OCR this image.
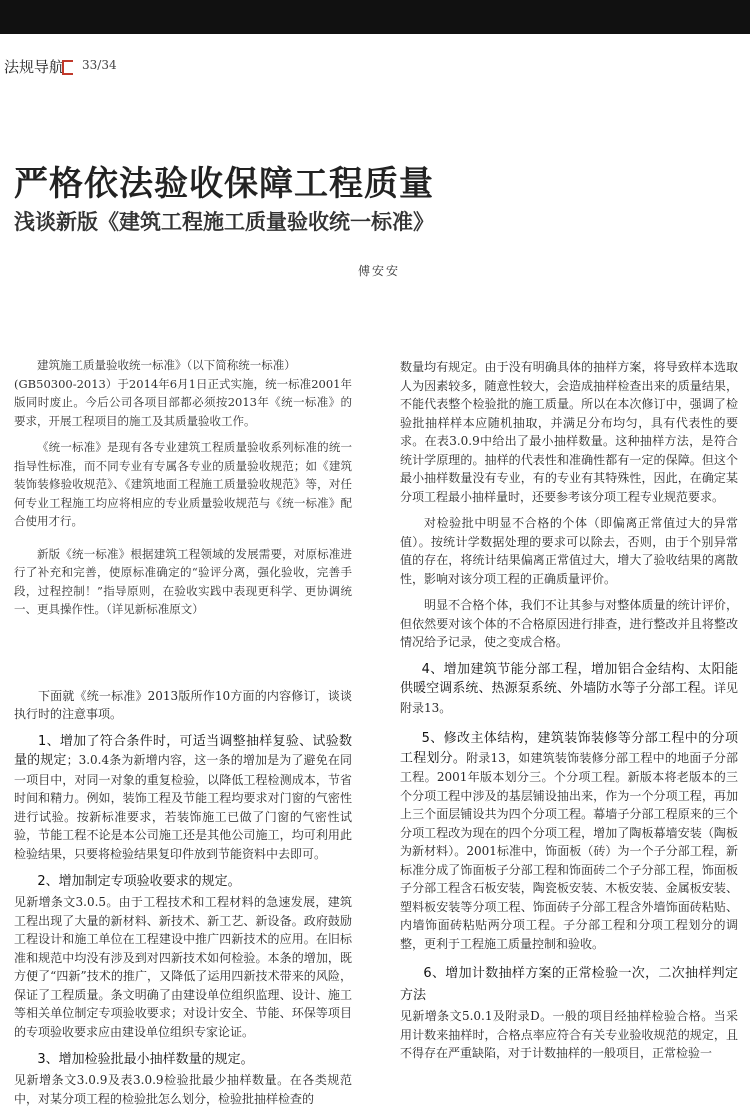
法规导航 33/34
严格依法验收保障工程质量
浅谈新版《建筑工程施工质量验收统一标准》
傅安安

建筑施工质量验收统一标准》（以下简称统一标准）
(GB50300-2013）于2014年6月1日正式实施，统一标准2001年版同时废止。今后公司各项目部都必须按2013年《统一标准》的要求，开展工程项目的施工及其质量验收工作。

《统一标准》是现有各专业建筑工程质量验收系列标准的统一指导性标准，而不同专业有专属各专业的质量验收规范；如《建筑装饰装修验收规范》、《建筑地面工程施工质量验收规范》等，对任何专业工程施工均应将相应的专业质量验收规范与《统一标准》配合使用才行。

新版《统一标准》根据建筑工程领域的发展需要，对原标准进行了补充和完善，使原标准确定的“验评分离，强化验收，完善手段，过程控制！”指导原则，在验收实践中表现更科学、更协调统一、更具操作性。（详见新标准原文）

下面就《统一标准》2013版所作10方面的内容修订，谈谈执行时的注意事项。

1、增加了符合条件时，可适当调整抽样复验、试验数量的规定；3.0.4条为新增内容，这一条的增加是为了避免在同一项目中，对同一对象的重复检验，以降低工程检测成本，节省时间和精力。例如，装饰工程及节能工程均要求对门窗的气密性进行试验。按新标准要求，若装饰施工已做了门窗的气密性试验，节能工程不论是本公司施工还是其他公司施工，均可利用此检验结果，只要将检验结果复印件放到节能资料中去即可。

2、增加制定专项验收要求的规定。

见新增条文3.0.5。由于工程技术和工程材料的急速发展，建筑工程出现了大量的新材料、新技术、新工艺、新设备。政府鼓励工程设计和施工单位在工程建设中推广四新技术的应用。在旧标准和规范中均没有涉及到对四新技术如何检验。本条的增加，既方便了“四新”技术的推广，又降低了运用四新技术带来的风险，保证了工程质量。条文明确了由建设单位组织监理、设计、施工等相关单位制定专项验收要求；对设计安全、节能、环保等项目的专项验收要求应由建设单位组织专家论证。

3、增加检验批最小抽样数量的规定。

见新增条文3.0.9及表3.0.9检验批最少抽样数量。在各类规范中，对某分项工程的检验批怎么划分，检验批抽样检查的

数量均有规定。由于没有明确具体的抽样方案，将导致样本选取人为因素较多，随意性较大，会造成抽样检查出来的质量结果，不能代表整个检验批的施工质量。所以在本次修订中，强调了检验批抽样样本应随机抽取，并满足分布均匀，具有代表性的要求。在表3.0.9中给出了最小抽样数量。这种抽样方法，是符合统计学原理的。抽样的代表性和准确性都有一定的保障。但这个最小抽样数量没有专业，有的专业有其特殊性，因此，在确定某分项工程最小抽样量时，还要参考该分项工程专业规范要求。

对检验批中明显不合格的个体（即偏离正常值过大的异常值）。按统计学数据处理的要求可以除去，否则，由于个别异常值的存在，将统计结果偏离正常值过大，增大了验收结果的离散性，影响对该分项工程的正确质量评价。

明显不合格个体，我们不让其参与对整体质量的统计评价，但依然要对该个体的不合格原因进行排查，进行整改并且将整改情况给予记录，使之变成合格。

4、增加建筑节能分部工程，增加铝合金结构、太阳能供暖空调系统、热源泵系统、外墙防水等子分部工程。详见附录13。

5、修改主体结构，建筑装饰装修等分部工程中的分项工程划分。附录13，如建筑装饰装修分部工程中的地面子分部工程。2001年版本划分三。个分项工程。新版本将老版本的三个分项工程中涉及的基层铺设抽出来，作为一个分项工程，再加上三个面层铺设共为四个分项工程。幕墙子分部工程原来的三个分项工程改为现在的四个分项工程，增加了陶板幕墙安装（陶板为新材料）。2001标准中，饰面板（砖）为一个子分部工程，新标准分成了饰面板子分部工程和饰面砖二个子分部工程，饰面板子分部工程含石板安装，陶瓷板安装、木板安装、金属板安装、塑料板安装等分项工程、饰面砖子分部工程含外墙饰面砖粘贴、内墙饰面砖粘贴两分项工程。子分部工程和分项工程划分的调整，更利于工程施工质量控制和验收。

6、增加计数抽样方案的正常检验一次，二次抽样判定方法

见新增条文5.0.1及附录D。一般的项目经抽样检验合格。当采用计数来抽样时，合格点率应符合有关专业验收规范的规定，且不得存在严重缺陷，对于计数抽样的一般项目，正常检验一
